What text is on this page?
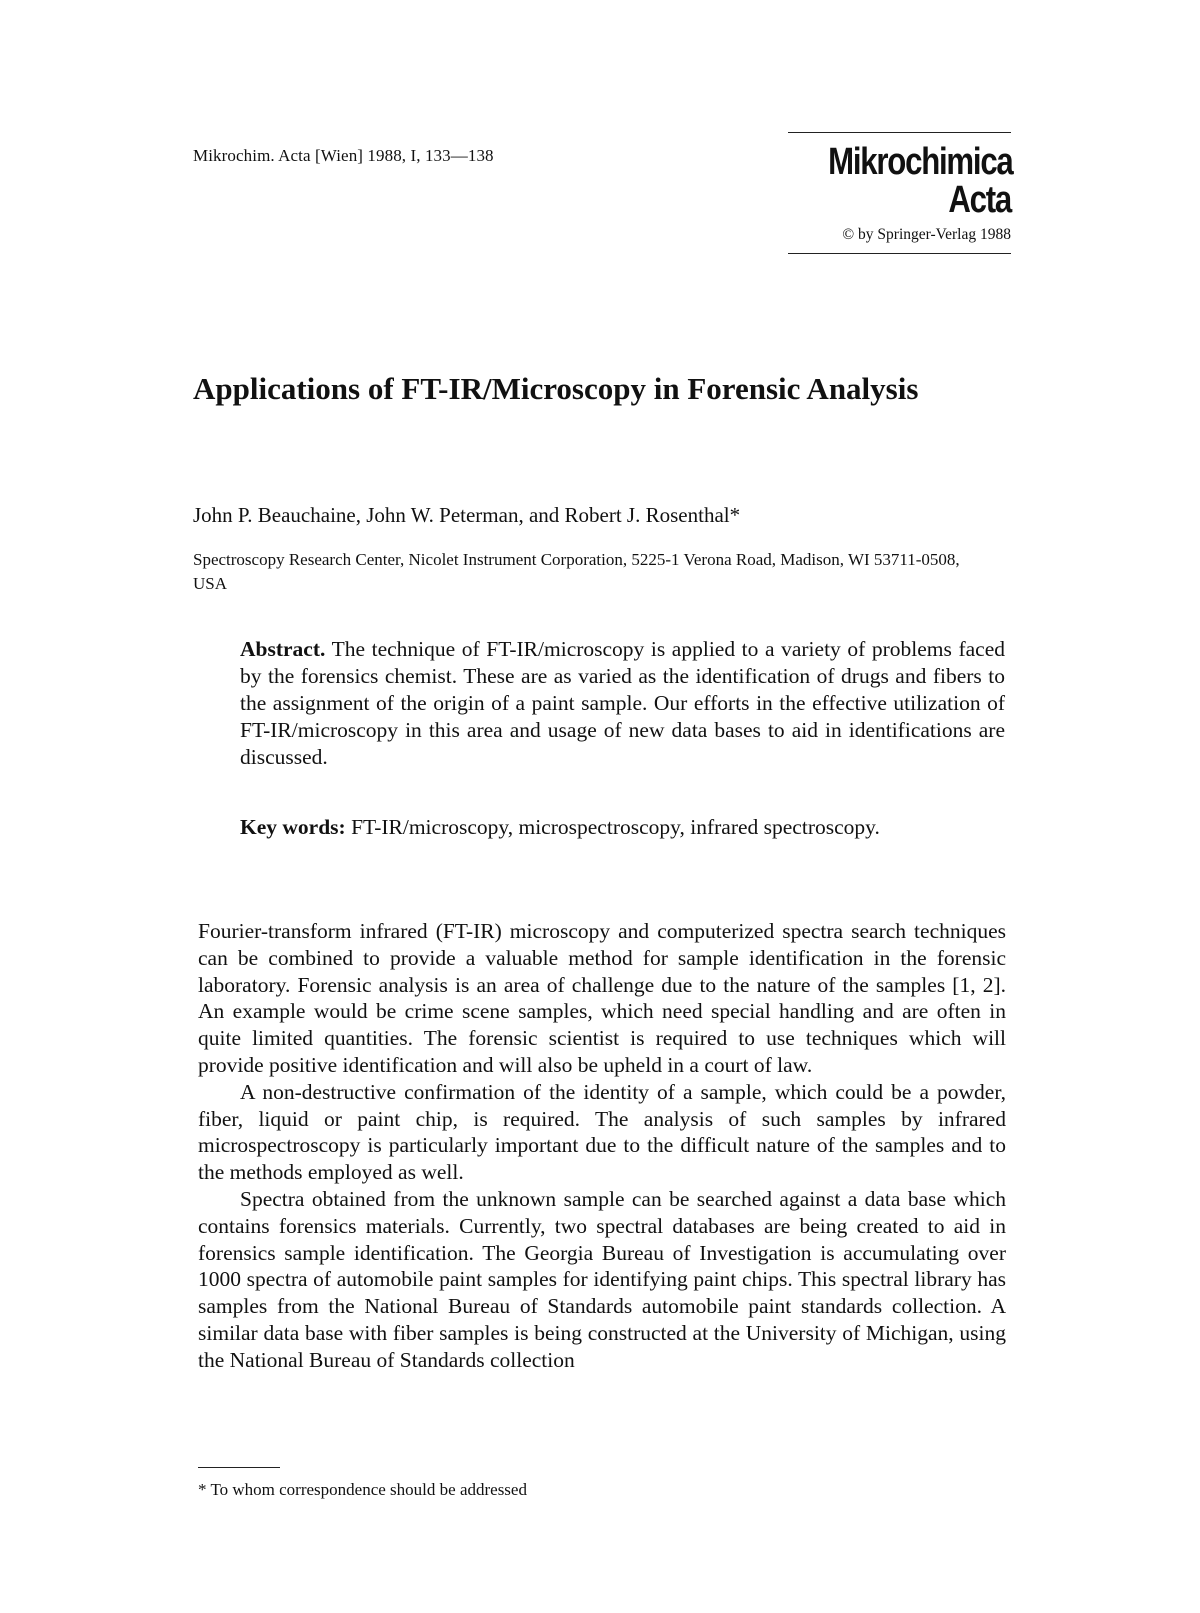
Mikrochim. Acta [Wien] 1988, I, 133—138	Mikrochimica
Acta
© by Springer-Verlag 1988
Applications of FT-IR/Microscopy in Forensic Analysis
John P. Beauchaine, John W. Peterman, and Robert J. Rosenthal*
Spectroscopy Research Center, Nicolet Instrument Corporation, 5225-1 Verona Road, Madison, WI 53711-0508, USA

Abstract. The technique of FT-IR/microscopy is applied to a variety of problems faced by the forensics chemist. These are as varied as the identification of drugs and fibers to the assignment of the origin of a paint sample. Our efforts in the effective utilization of FT-IR/microscopy in this area and usage of new data bases to aid in identifications are discussed.

Key words: FT-IR/microscopy, microspectroscopy, infrared spectroscopy.

Fourier-transform infrared (FT-IR) microscopy and computerized spectra search techniques can be combined to provide a valuable method for sample identification in the forensic laboratory. Forensic analysis is an area of challenge due to the nature of the samples [1, 2]. An example would be crime scene samples, which need special handling and are often in quite limited quantities. The forensic scientist is required to use techniques which will provide positive identification and will also be upheld in a court of law.

A non-destructive confirmation of the identity of a sample, which could be a powder, fiber, liquid or paint chip, is required. The analysis of such samples by infrared microspectroscopy is particularly important due to the difficult nature of the samples and to the methods employed as well.

Spectra obtained from the unknown sample can be searched against a data base which contains forensics materials. Currently, two spectral databases are being created to aid in forensics sample identification. The Georgia Bureau of Investigation is accumulating over 1000 spectra of automobile paint samples for identifying paint chips. This spectral library has samples from the National Bureau of Standards automobile paint standards collection. A similar data base with fiber samples is being constructed at the University of Michigan, using the National Bureau of Standards collection

* To whom correspondence should be addressed
